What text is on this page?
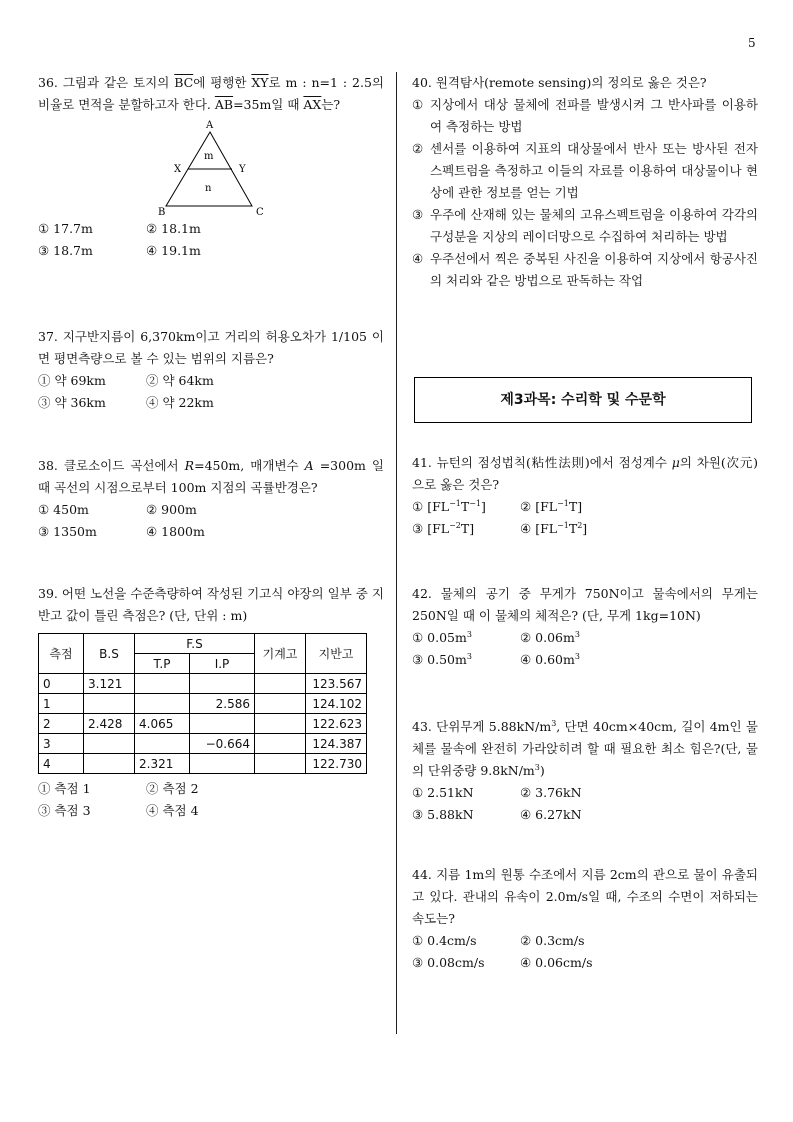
5
36. 그림과 같은 토지의 $\overline{BC}$에 평행한 $\overline{XY}$로 m : n=1 : 2.5의 비율로 면적을 분할하고자 한다. $\overline{AB}=35m$일 때 $\overline{AX}$는?
A
B	C
X	Y
m
n
① 17.7m	② 18.1m
③ 18.7m	④ 19.1m
37. 지구반지름이 6,370km이고 거리의 허용오차가 1/105 이면 평면측량으로 볼 수 있는 범위의 지름은?
① 약 69km	② 약 64km
③ 약 36km	④ 약 22km
38. 클로소이드 곡선에서 R=450m, 매개변수 A =300m 일 때 곡선의 시점으로부터 100m 지점의 곡률반경은?
① 450m	② 900m
③ 1350m	④ 1800m
39. 어떤 노선을 수준측량하여 작성된 기고식 야장의 일부 중 지반고 값이 틀린 측점은? (단, 단위 : m)
측점	B.S	F.S		기계고	지반고
		T.P	I.P		
0	3.121				123.567
1			2.586		124.102
2	2.428	4.065			122.623
3			−0.664		124.387
4		2.321			122.730
① 측점 1	② 측점 2
③ 측점 3	④ 측점 4
40. 원격탐사(remote sensing)의 정의로 옳은 것은?
① 지상에서 대상 물체에 전파를 발생시켜 그 반사파를 이용하여 측정하는 방법
② 센서를 이용하여 지표의 대상물에서 반사 또는 방사된 전자 스펙트럼을 측정하고 이들의 자료를 이용하여 대상물이나 현상에 관한 정보를 얻는 기법
③ 우주에 산재해 있는 물체의 고유스펙트럼을 이용하여 각각의 구성분을 지상의 레이더망으로 수집하여 처리하는 방법
④ 우주선에서 찍은 중복된 사진을 이용하여 지상에서 항공사진의 처리와 같은 방법으로 판독하는 작업
제3과목: 수리학 및 수문학
41. 뉴턴의 점성법칙(粘性法則)에서 점성계수 μ의 차원(次元)으로 옳은 것은?
① $[FL^{-1}T^{-1}]$	② $[FL^{-1}T]$
③ $[FL^{-2}T]$	④ $[FL^{-1}T^2]$
42. 물체의 공기 중 무게가 750N이고 물속에서의 무게는 250N일 때 이 물체의 체적은? (단, 무게 1kg=10N)
① $0.05m^3$	② $0.06m^3$
③ $0.50m^3$	④ $0.60m^3$
43. 단위무게 $5.88kN/m^3$, 단면 40cm×40cm, 길이 4m인 물체를 물속에 완전히 가라앉히려 할 때 필요한 최소 힘은?(단, 물의 단위중량 $9.8kN/m^3$)
① 2.51kN	② 3.76kN
③ 5.88kN	④ 6.27kN
44. 지름 1m의 원통 수조에서 지름 2cm의 관으로 물이 유출되고 있다. 관내의 유속이 2.0m/s일 때, 수조의 수면이 저하되는 속도는?
① 0.4cm/s	② 0.3cm/s
③ 0.08cm/s	④ 0.06cm/s
